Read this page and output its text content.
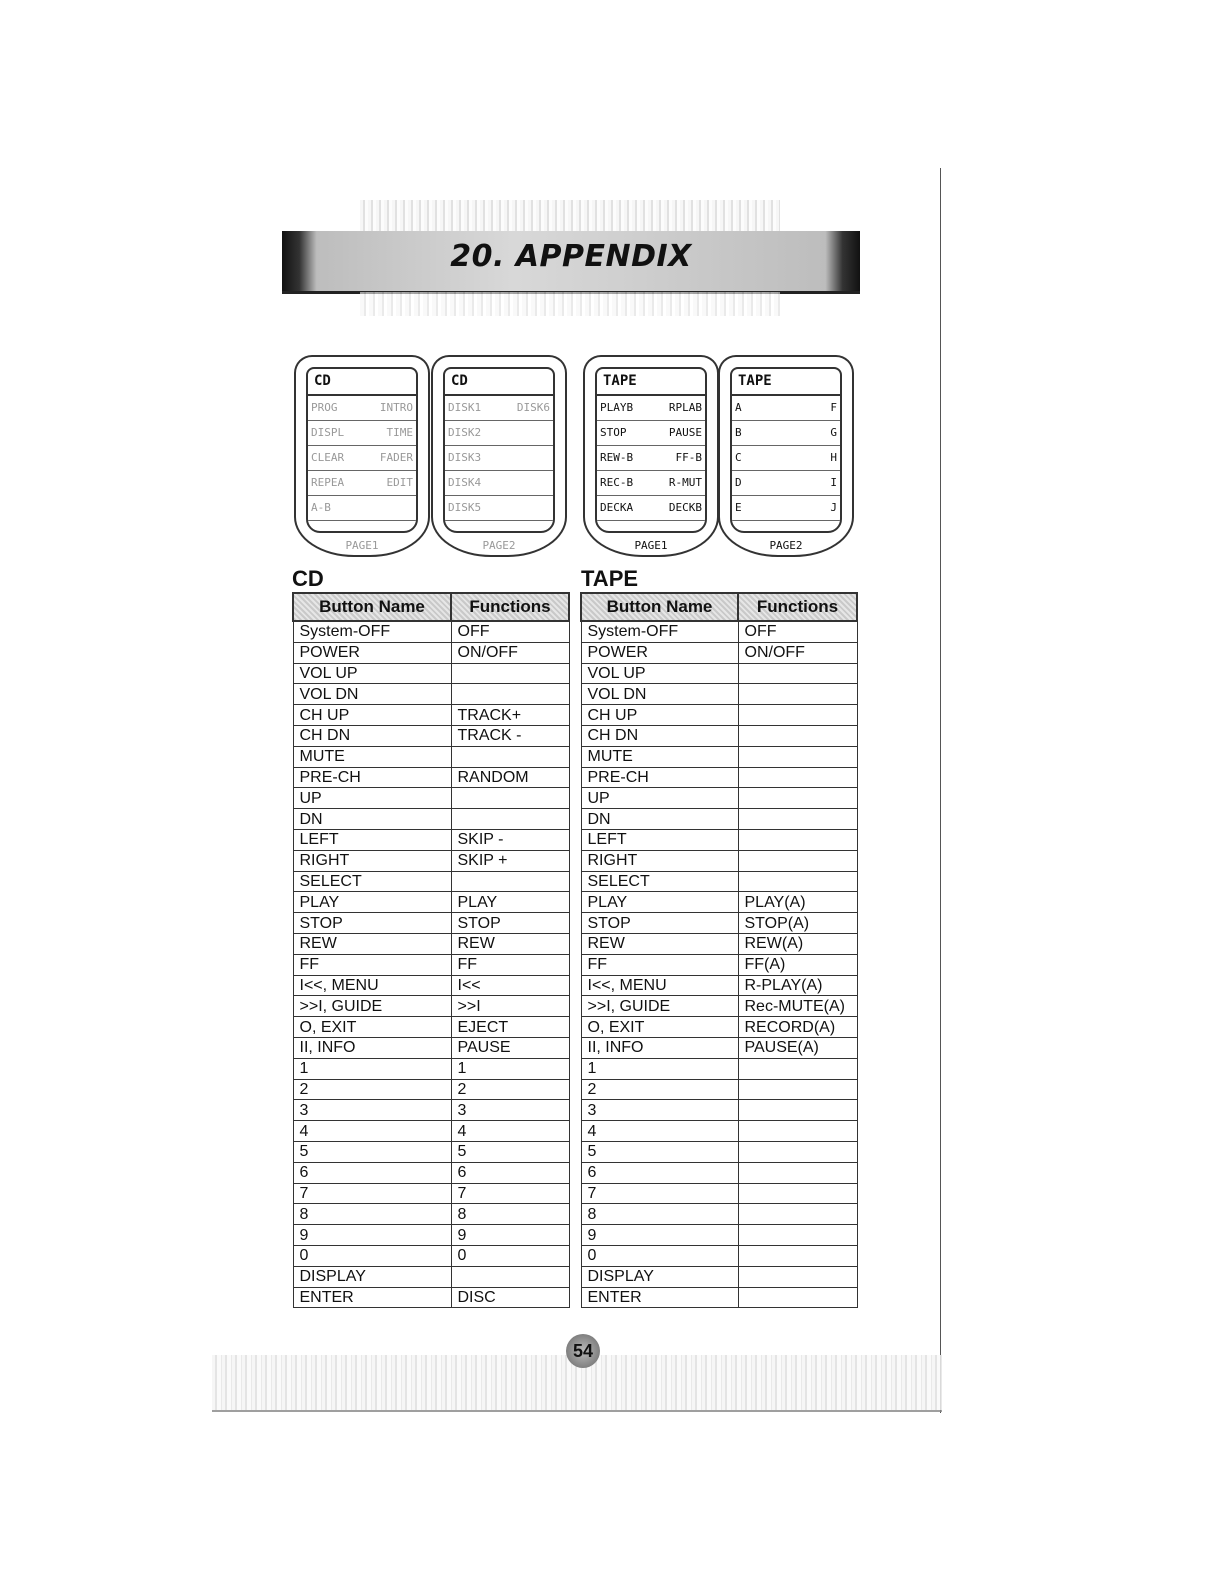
20. APPENDIX
CD
PROG	INTRO
DISPL	TIME
CLEAR	FADER
REPEA	EDIT
A-B
PAGE1
CD
DISK1	DISK6
DISK2
DISK3
DISK4
DISK5
PAGE2
TAPE
PLAYB	RPLAB
STOP	PAUSE
REW-B	FF-B
REC-B	R-MUT
DECKA	DECKB
PAGE1
TAPE
A	F
B	G
C	H
D	I
E	J
PAGE2
CD	TAPE
Button Name	Functions
System-OFF	OFF
POWER	ON/OFF
VOL UP	
VOL DN	
CH UP	TRACK+
CH DN	TRACK -
MUTE	
PRE-CH	RANDOM
UP	
DN	
LEFT	SKIP -
RIGHT	SKIP +
SELECT	
PLAY	PLAY
STOP	STOP
REW	REW
FF	FF
I<<, MENU	I<<
>>I, GUIDE	>>I
O, EXIT	EJECT
II, INFO	PAUSE
1	1
2	2
3	3
4	4
5	5
6	6
7	7
8	8
9	9
0	0
DISPLAY	
ENTER	DISC
Button Name	Functions
System-OFF	OFF
POWER	ON/OFF
VOL UP	
VOL DN	
CH UP	
CH DN	
MUTE	
PRE-CH	
UP	
DN	
LEFT	
RIGHT	
SELECT	
PLAY	PLAY(A)
STOP	STOP(A)
REW	REW(A)
FF	FF(A)
I<<, MENU	R-PLAY(A)
>>I, GUIDE	Rec-MUTE(A)
O, EXIT	RECORD(A)
II, INFO	PAUSE(A)
1	
2	
3	
4	
5	
6	
7	
8	
9	
0	
DISPLAY	
ENTER	
54
